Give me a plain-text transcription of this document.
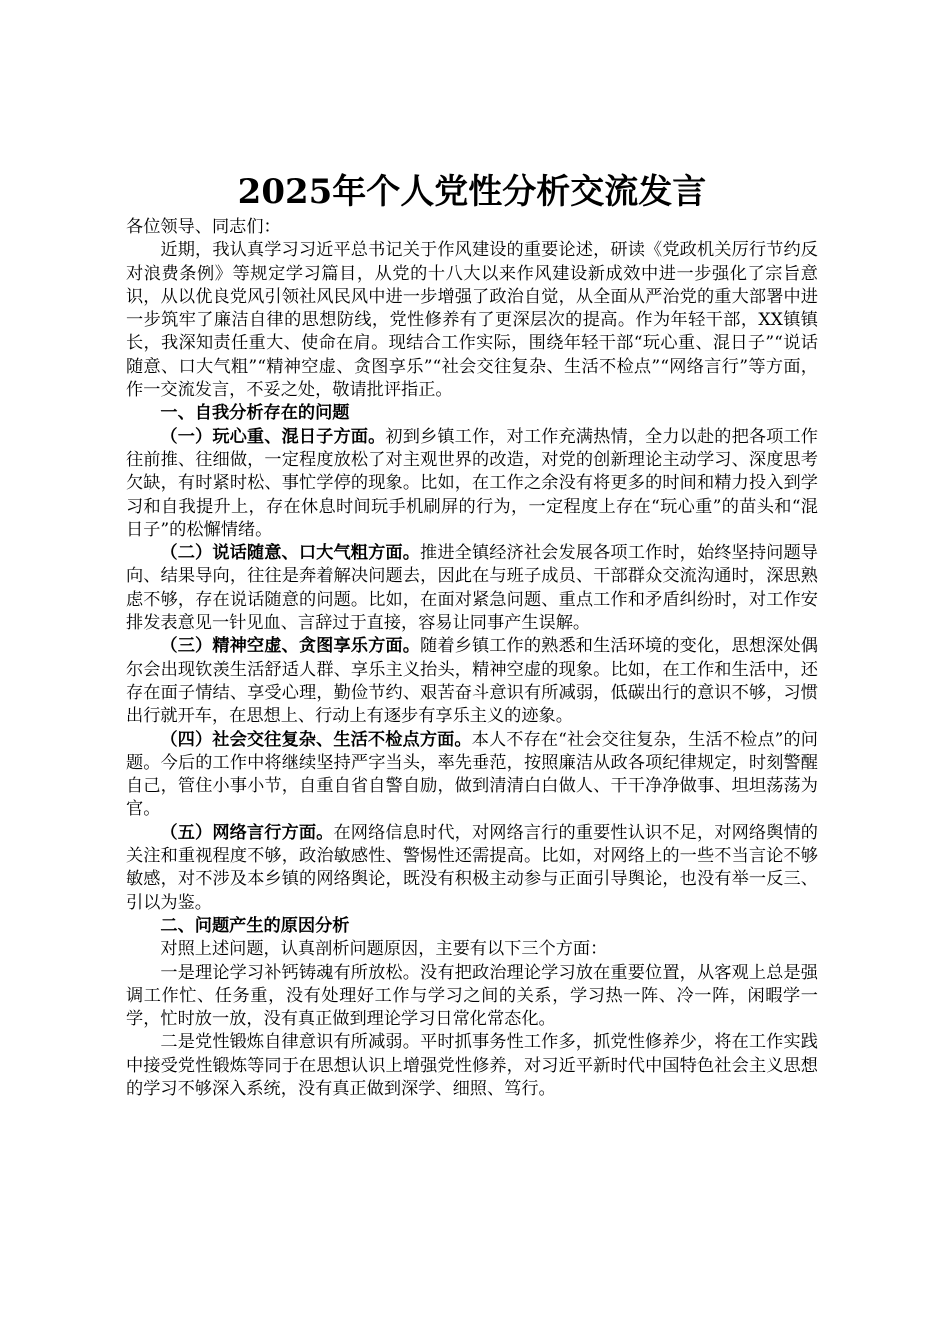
2025年个人党性分析交流发言

各位领导、同志们：

近期，我认真学习习近平总书记关于作风建设的重要论述，研读《党政机关厉行节约反对浪费条例》等规定学习篇目，从党的十八大以来作风建设新成效中进一步强化了宗旨意识，从以优良党风引领社风民风中进一步增强了政治自觉，从全面从严治党的重大部署中进一步筑牢了廉洁自律的思想防线，党性修养有了更深层次的提高。作为年轻干部，XX镇镇长，我深知责任重大、使命在肩。现结合工作实际，围绕年轻干部“玩心重、混日子”“说话随意、口大气粗”“精神空虚、贪图享乐”“社会交往复杂、生活不检点”“网络言行”等方面，作一交流发言，不妥之处，敬请批评指正。

一、自我分析存在的问题

（一）玩心重、混日子方面。初到乡镇工作，对工作充满热情，全力以赴的把各项工作往前推、往细做，一定程度放松了对主观世界的改造，对党的创新理论主动学习、深度思考欠缺，有时紧时松、事忙学停的现象。比如，在工作之余没有将更多的时间和精力投入到学习和自我提升上，存在休息时间玩手机刷屏的行为，一定程度上存在“玩心重”的苗头和“混日子”的松懈情绪。

（二）说话随意、口大气粗方面。推进全镇经济社会发展各项工作时，始终坚持问题导向、结果导向，往往是奔着解决问题去，因此在与班子成员、干部群众交流沟通时，深思熟虑不够，存在说话随意的问题。比如，在面对紧急问题、重点工作和矛盾纠纷时，对工作安排发表意见一针见血、言辞过于直接，容易让同事产生误解。

（三）精神空虚、贪图享乐方面。随着乡镇工作的熟悉和生活环境的变化，思想深处偶尔会出现钦羡生活舒适人群、享乐主义抬头，精神空虚的现象。比如，在工作和生活中，还存在面子情结、享受心理，勤俭节约、艰苦奋斗意识有所减弱，低碳出行的意识不够，习惯出行就开车，在思想上、行动上有逐步有享乐主义的迹象。

（四）社会交往复杂、生活不检点方面。本人不存在“社会交往复杂，生活不检点”的问题。今后的工作中将继续坚持严字当头，率先垂范，按照廉洁从政各项纪律规定，时刻警醒自己，管住小事小节，自重自省自警自励，做到清清白白做人、干干净净做事、坦坦荡荡为官。

（五）网络言行方面。在网络信息时代，对网络言行的重要性认识不足，对网络舆情的关注和重视程度不够，政治敏感性、警惕性还需提高。比如，对网络上的一些不当言论不够敏感，对不涉及本乡镇的网络舆论，既没有积极主动参与正面引导舆论，也没有举一反三、引以为鉴。

二、问题产生的原因分析

对照上述问题，认真剖析问题原因，主要有以下三个方面：

一是理论学习补钙铸魂有所放松。没有把政治理论学习放在重要位置，从客观上总是强调工作忙、任务重，没有处理好工作与学习之间的关系，学习热一阵、冷一阵，闲暇学一学，忙时放一放，没有真正做到理论学习日常化常态化。

二是党性锻炼自律意识有所减弱。平时抓事务性工作多，抓党性修养少，将在工作实践中接受党性锻炼等同于在思想认识上增强党性修养，对习近平新时代中国特色社会主义思想的学习不够深入系统，没有真正做到深学、细照、笃行。
